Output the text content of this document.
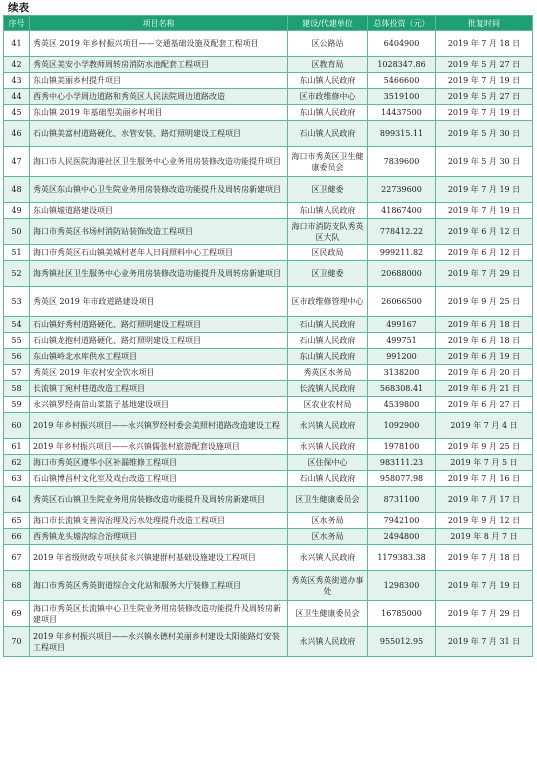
续表
序号	项目名称	建设/代建单位	总体投资（元）	批复时间
41	秀英区 2019 年乡村振兴项目——交通基础设施及配套工程项目	区公路站	6404900	2019 年 7 月 18 日
42	秀英区美安小学教师周转房消防水池配套工程项目	区教育局	1028347.86	2019 年 5 月 27 日
43	东山镇美丽乡村提升项目	东山镇人民政府	5466600	2019 年 7 月 19 日
44	西秀中心小学周边道路和秀英区人民法院周边道路改造	区市政维修中心	3519100	2019 年 5 月 27 日
45	东山镇 2019 年基础型美丽乡村项目	东山镇人民政府	14437500	2019 年 7 月 19 日
46	石山镇美富村道路硬化、水管安装、路灯照明建设工程项目	石山镇人民政府	899315.11	2019 年 5 月 30 日
47	海口市人民医院海港社区卫生服务中心业务用房装修改造功能提升项目	海口市秀英区卫生健康委员会	7839600	2019 年 5 月 30 日
48	秀英区东山镇中心卫生院业务用房装修改造功能提升及周转房新建项目	区卫健委	22739600	2019 年 7 月 19 日
49	东山镇墟道路建设项目	东山镇人民政府	41867400	2019 年 7 月 19 日
50	海口市秀英区书场村消防站装饰改造工程项目	海口市消防支队秀英区大队	778412.22	2019 年 6 月 12 日
51	海口市秀英区石山镇美城村老年人日间照料中心工程项目	区民政局	999211.82	2019 年 6 月 12 日
52	海秀镇社区卫生服务中心业务用房装修改造功能提升及周转房新建项目	区卫健委	20688000	2019 年 7 月 29 日
53	秀英区 2019 年市政道路建设项目	区市政维修管理中心	26066500	2019 年 9 月 25 日
54	石山镇好秀村道路硬化、路灯照明建设工程项目	石山镇人民政府	499167	2019 年 6 月 18 日
55	石山镇龙抱村道路硬化、路灯照明建设工程项目	石山镇人民政府	499751	2019 年 6 月 18 日
56	东山镇岭北水库供水工程项目	东山镇人民政府	991200	2019 年 6 月 19 日
57	秀英区 2019 年农村安全饮水项目	秀英区水务局	3138200	2019 年 6 月 20 日
58	长流镇丁宛村巷道改造工程项目	长流镇人民政府	568308.41	2019 年 6 月 21 日
59	永兴镇罗经南苗山菜篮子基地建设项目	区农业农村局	4539800	2019 年 6 月 27 日
60	2019 年乡村振兴项目——永兴镇罗经村委会美照村道路改造建设工程	永兴镇人民政府	1092900	2019 年 7 月 4 日
61	2019 年乡村振兴项目——永兴镇儒张村旅游配套设施项目	永兴镇人民政府	1978100	2019 年 9 月 25 日
62	海口市秀英区遵华小区补漏维修工程项目	区住保中心	983111.23	2019 年 7 月 5 日
63	石山镇博昌村文化室及戏台改造工程项目	石山镇人民政府	958077.98	2019 年 7 月 16 日
64	秀英区石山镇卫生院业务用房装修改造功能提升及周转房新建项目	区卫生健康委员会	8731100	2019 年 7 月 17 日
65	海口市长流镇支善沟治理及污水处理提升改造工程项目	区水务局	7942100	2019 年 9 月 12 日
66	西秀镇龙头墟沟综合治理项目	区水务局	2494800	2019 年 8 月 7 日
67	2019 年省级财政专项扶贫永兴镇建群村基础设施建设工程项目	永兴镇人民政府	1179383.38	2019 年 7 月 18 日
68	海口市秀英区秀英街道综合文化站和服务大厅装修工程项目	秀英区秀英街道办事处	1298300	2019 年 7 月 19 日
69	海口市秀英区长流镇中心卫生院业务用房装修改造功能提升及周转房新建项目	区卫生健康委员会	16785000	2019 年 7 月 29 日
70	2019 年乡村振兴项目——永兴镇永德村美丽乡村建设太阳能路灯安装工程项目	永兴镇人民政府	955012.95	2019 年 7 月 31 日
